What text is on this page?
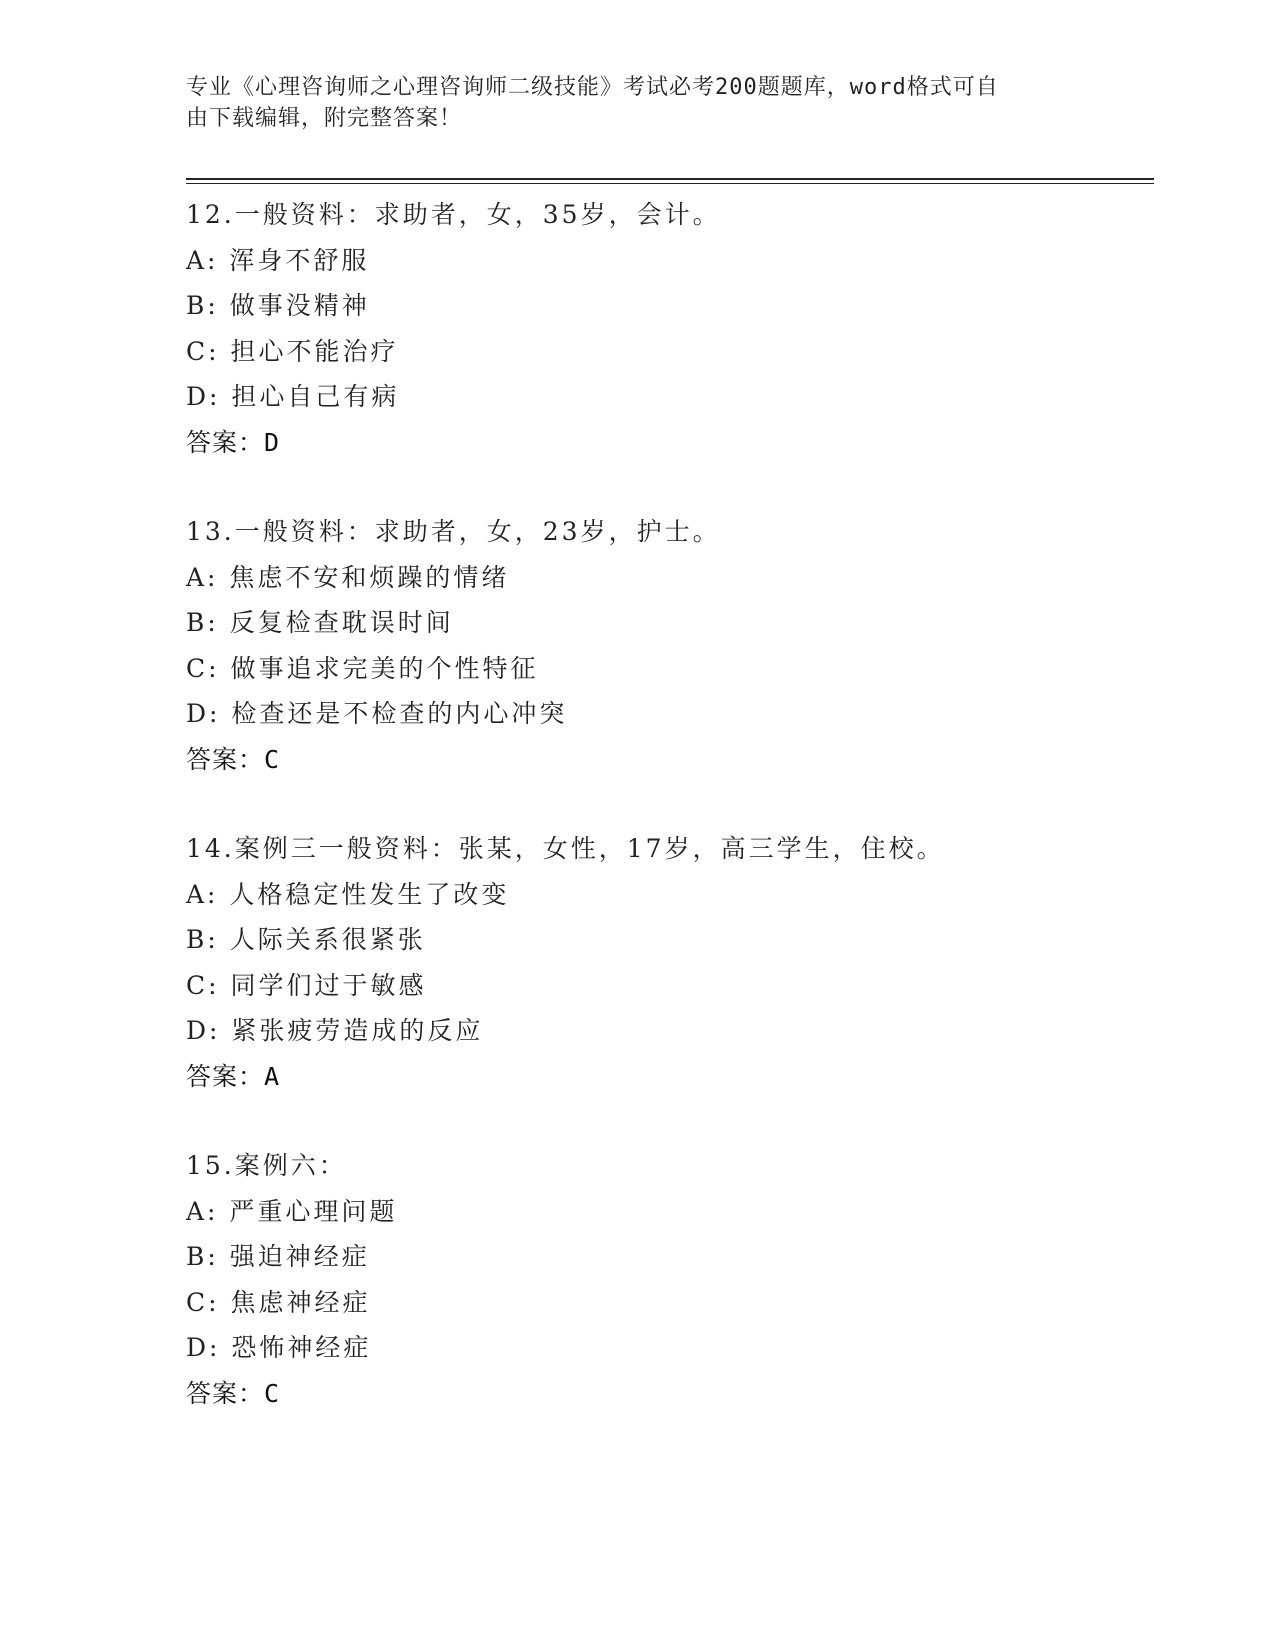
专业《心理咨询师之心理咨询师二级技能》考试必考200题题库，word格式可自
由下载编辑，附完整答案！
12.一般资料：求助者，女，35岁，会计。
A: 浑身不舒服
B: 做事没精神
C: 担心不能治疗
D: 担心自己有病
答案：D
13.一般资料：求助者，女，23岁，护士。
A: 焦虑不安和烦躁的情绪
B: 反复检查耽误时间
C: 做事追求完美的个性特征
D: 检查还是不检查的内心冲突
答案：C
14.案例三一般资料：张某，女性，17岁，高三学生，住校。
A: 人格稳定性发生了改变
B: 人际关系很紧张
C: 同学们过于敏感
D: 紧张疲劳造成的反应
答案：A
15.案例六：
A: 严重心理问题
B: 强迫神经症
C: 焦虑神经症
D: 恐怖神经症
答案：C
